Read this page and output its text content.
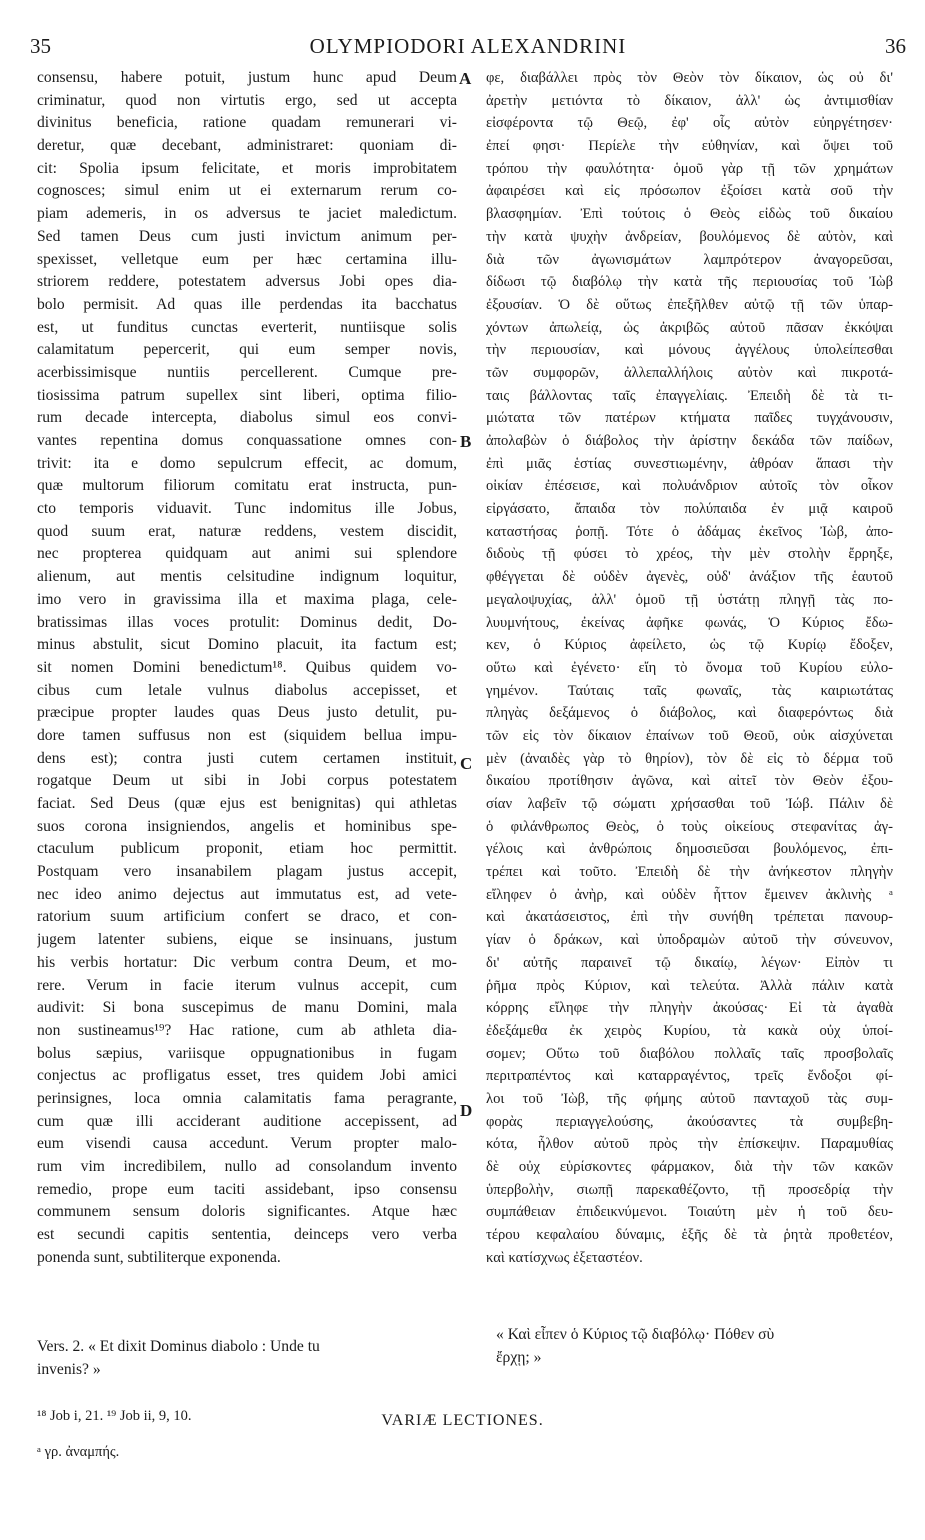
35	OLYMPIODORI ALEXANDRINI	36
consensu, habere potuit, justum hunc apud Deum
criminatur, quod non virtutis ergo, sed ut accepta
divinitus beneficia, ratione quadam remunerari vi-
deretur, quæ decebant, administraret: quoniam di-
cit: Spolia ipsum felicitate, et moris improbitatem
cognosces; simul enim ut ei externarum rerum co-
piam ademeris, in os adversus te jaciet maledictum.
Sed tamen Deus cum justi invictum animum per-
spexisset, velletque eum per hæc certamina illu-
striorem reddere, potestatem adversus Jobi opes dia-
bolo permisit. Ad quas ille perdendas ita bacchatus
est, ut funditus cunctas everterit, nuntiisque solis
calamitatum pepercerit, qui eum semper novis,
acerbissimisque nuntiis percellerent. Cumque pre-
tiosissima patrum supellex sint liberi, optima filio-
rum decade intercepta, diabolus simul eos convi-
vantes repentina domus conquassatione omnes con-
trivit: ita e domo sepulcrum effecit, ac domum,
quæ multorum filiorum comitatu erat instructa, pun-
cto temporis viduavit. Tunc indomitus ille Jobus,
quod suum erat, naturæ reddens, vestem discidit,
nec propterea quidquam aut animi sui splendore
alienum, aut mentis celsitudine indignum loquitur,
imo vero in gravissima illa et maxima plaga, cele-
bratissimas illas voces protulit: Dominus dedit, Do-
minus abstulit, sicut Domino placuit, ita factum est;
sit nomen Domini benedictum¹⁸. Quibus quidem vo-
cibus cum letale vulnus diabolus accepisset, et
præcipue propter laudes quas Deus justo detulit, pu-
dore tamen suffusus non est (siquidem bellua impu-
dens est); contra justi cutem certamen instituit,
rogatque Deum ut sibi in Jobi corpus potestatem
faciat. Sed Deus (quæ ejus est benignitas) qui athletas
suos corona insigniendos, angelis et hominibus spe-
ctaculum publicum proponit, etiam hoc permittit.
Postquam vero insanabilem plagam justus accepit,
nec ideo animo dejectus aut immutatus est, ad vete-
ratorium suum artificium confert se draco, et con-
jugem latenter subiens, eique se insinuans, justum
his verbis hortatur: Dic verbum contra Deum, et mo-
rere. Verum in facie iterum vulnus accepit, cum
audivit: Si bona suscepimus de manu Domini, mala
non sustineamus¹⁹? Hac ratione, cum ab athleta dia-
bolus sæpius, variisque oppugnationibus in fugam
conjectus ac profligatus esset, tres quidem Jobi amici
perinsignes, loca omnia calamitatis fama peragrante,
cum quæ illi acciderant auditione accepissent, ad
eum visendi causa accedunt. Verum propter malo-
rum vim incredibilem, nullo ad consolandum invento
remedio, prope eum taciti assidebant, ipso consensu
communem sensum doloris significantes. Atque hæc
est secundi capitis sententia, deinceps vero verba
ponenda sunt, subtiliterque exponenda.
φε, διαβάλλει πρὸς τὸν Θεὸν τὸν δίκαιον, ὡς οὐ δι'
ἀρετὴν μετιόντα τὸ δίκαιον, ἀλλ' ὡς ἀντιμισθίαν
εἰσφέροντα τῷ Θεῷ, ἐφ' οἷς αὐτὸν εὐηργέτησεν·
ἐπεί φησι· Περίελε τὴν εὐθηνίαν, καὶ ὄψει τοῦ
τρόπου τὴν φαυλότητα· ὁμοῦ γὰρ τῇ τῶν χρημάτων
ἀφαιρέσει καὶ εἰς πρόσωπον ἐξοίσει κατὰ σοῦ τὴν
βλασφημίαν. Ἐπὶ τούτοις ὁ Θεὸς εἰδὼς τοῦ δικαίου
τὴν κατὰ ψυχὴν ἀνδρείαν, βουλόμενος δὲ αὐτὸν, καὶ
διὰ τῶν ἀγωνισμάτων λαμπρότερον ἀναγορεῦσαι,
δίδωσι τῷ διαβόλῳ τὴν κατὰ τῆς περιουσίας τοῦ Ἰὼβ
ἐξουσίαν. Ὁ δὲ οὕτως ἐπεξῆλθεν αὐτῷ τῇ τῶν ὑπαρ-
χόντων ἀπωλείᾳ, ὡς ἀκριβῶς αὐτοῦ πᾶσαν ἐκκόψαι
τὴν περιουσίαν, καὶ μόνους ἀγγέλους ὑπολείπεσθαι
τῶν συμφορῶν, ἀλλεπαλλήλοις αὐτὸν καὶ πικροτά-
ταις βάλλοντας ταῖς ἐπαγγελίαις. Ἐπειδὴ δὲ τὰ τι-
μιώτατα τῶν πατέρων κτήματα παῖδες τυγχάνουσιν,
ἀπολαβὼν ὁ διάβολος τὴν ἀρίστην δεκάδα τῶν παίδων,
ἐπὶ μιᾶς ἑστίας συνεστιωμένην, ἀθρόαν ἅπασι τὴν
οἰκίαν ἐπέσεισε, καὶ πολυάνδριον αὐτοῖς τὸν οἶκον
εἰργάσατο, ἄπαιδα τὸν πολύπαιδα ἐν μιᾷ καιροῦ
καταστήσας ῥοπῇ. Τότε ὁ ἀδάμας ἐκεῖνος Ἰὼβ, ἀπο-
διδοὺς τῇ φύσει τὸ χρέος, τὴν μὲν στολὴν ἔρρηξε,
φθέγγεται δὲ οὐδὲν ἀγενὲς, οὐδ' ἀνάξιον τῆς ἑαυτοῦ
μεγαλοψυχίας, ἀλλ' ὁμοῦ τῇ ὑστάτῃ πληγῇ τὰς πο-
λυυμνήτους, ἐκείνας ἀφῆκε φωνάς, Ὁ Κύριος ἔδω-
κεν, ὁ Κύριος ἀφείλετο, ὡς τῷ Κυρίῳ ἔδοξεν,
οὕτω καὶ ἐγένετο· εἴη τὸ ὄνομα τοῦ Κυρίου εὐλο-
γημένον. Ταύταις ταῖς φωναῖς, τὰς καιριωτάτας
πληγὰς δεξάμενος ὁ διάβολος, καὶ διαφερόντως διὰ
τῶν εἰς τὸν δίκαιον ἐπαίνων τοῦ Θεοῦ, οὐκ αἰσχύνεται
μὲν (ἀναιδὲς γὰρ τὸ θηρίον), τὸν δὲ εἰς τὸ δέρμα τοῦ
δικαίου προτίθησιν ἀγῶνα, καὶ αἰτεῖ τὸν Θεὸν ἐξου-
σίαν λαβεῖν τῷ σώματι χρήσασθαι τοῦ Ἰώβ. Πάλιν δὲ
ὁ φιλάνθρωπος Θεὸς, ὁ τοὺς οἰκείους στεφανίτας ἀγ-
γέλοις καὶ ἀνθρώποις δημοσιεῦσαι βουλόμενος, ἐπι-
τρέπει καὶ τοῦτο. Ἐπειδὴ δὲ τὴν ἀνήκεστον πληγὴν
εἴληφεν ὁ ἀνὴρ, καὶ οὐδὲν ἧττον ἔμεινεν ἀκλινὴς ᵃ
καὶ ἀκατάσειστος, ἐπὶ τὴν συνήθη τρέπεται πανουρ-
γίαν ὁ δράκων, καὶ ὑποδραμὼν αὐτοῦ τὴν σύνευνον,
δι' αὐτῆς παραινεῖ τῷ δικαίῳ, λέγων· Εἰπὸν τι
ῥῆμα πρὸς Κύριον, καὶ τελεύτα. Ἀλλὰ πάλιν κατὰ
κόρρης εἴληφε τὴν πληγὴν ἀκούσας· Εἰ τὰ ἀγαθὰ
ἐδεξάμεθα ἐκ χειρὸς Κυρίου, τὰ κακὰ οὐχ ὑποί-
σομεν; Οὕτω τοῦ διαβόλου πολλαῖς ταῖς προσβολαῖς
περιτραπέντος καὶ καταρραγέντος, τρεῖς ἔνδοξοι φί-
λοι τοῦ Ἰὼβ, τῆς φήμης αὐτοῦ πανταχοῦ τὰς συμ-
φορὰς περιαγγελούσης, ἀκούσαντες τὰ συμβεβη-
κότα, ἧλθον αὐτοῦ πρὸς τὴν ἐπίσκεψιν. Παραμυθίας
δὲ οὐχ εὑρίσκοντες φάρμακον, διὰ τὴν τῶν κακῶν
ὑπερβολὴν, σιωπῇ παρεκαθέζοντο, τῇ προσεδρίᾳ τὴν
συμπάθειαν ἐπιδεικνύμενοι. Τοιαύτη μὲν ἡ τοῦ δευ-
τέρου κεφαλαίου δύναμις, ἑξῆς δὲ τὰ ῥητὰ προθετέον,
καὶ κατίσχνως ἐξεταστέον.
A
B
C
D
Vers. 2. « Et dixit Dominus diabolo : Unde tu
invenis? »
« Καὶ εἶπεν ὁ Κύριος τῷ διαβόλῳ· Πόθεν σὺ
ἔρχῃ; »
¹⁸ Job i, 21. ¹⁹ Job ii, 9, 10.	VARIÆ LECTIONES.
ᵃ γρ. ἀναμπής.
